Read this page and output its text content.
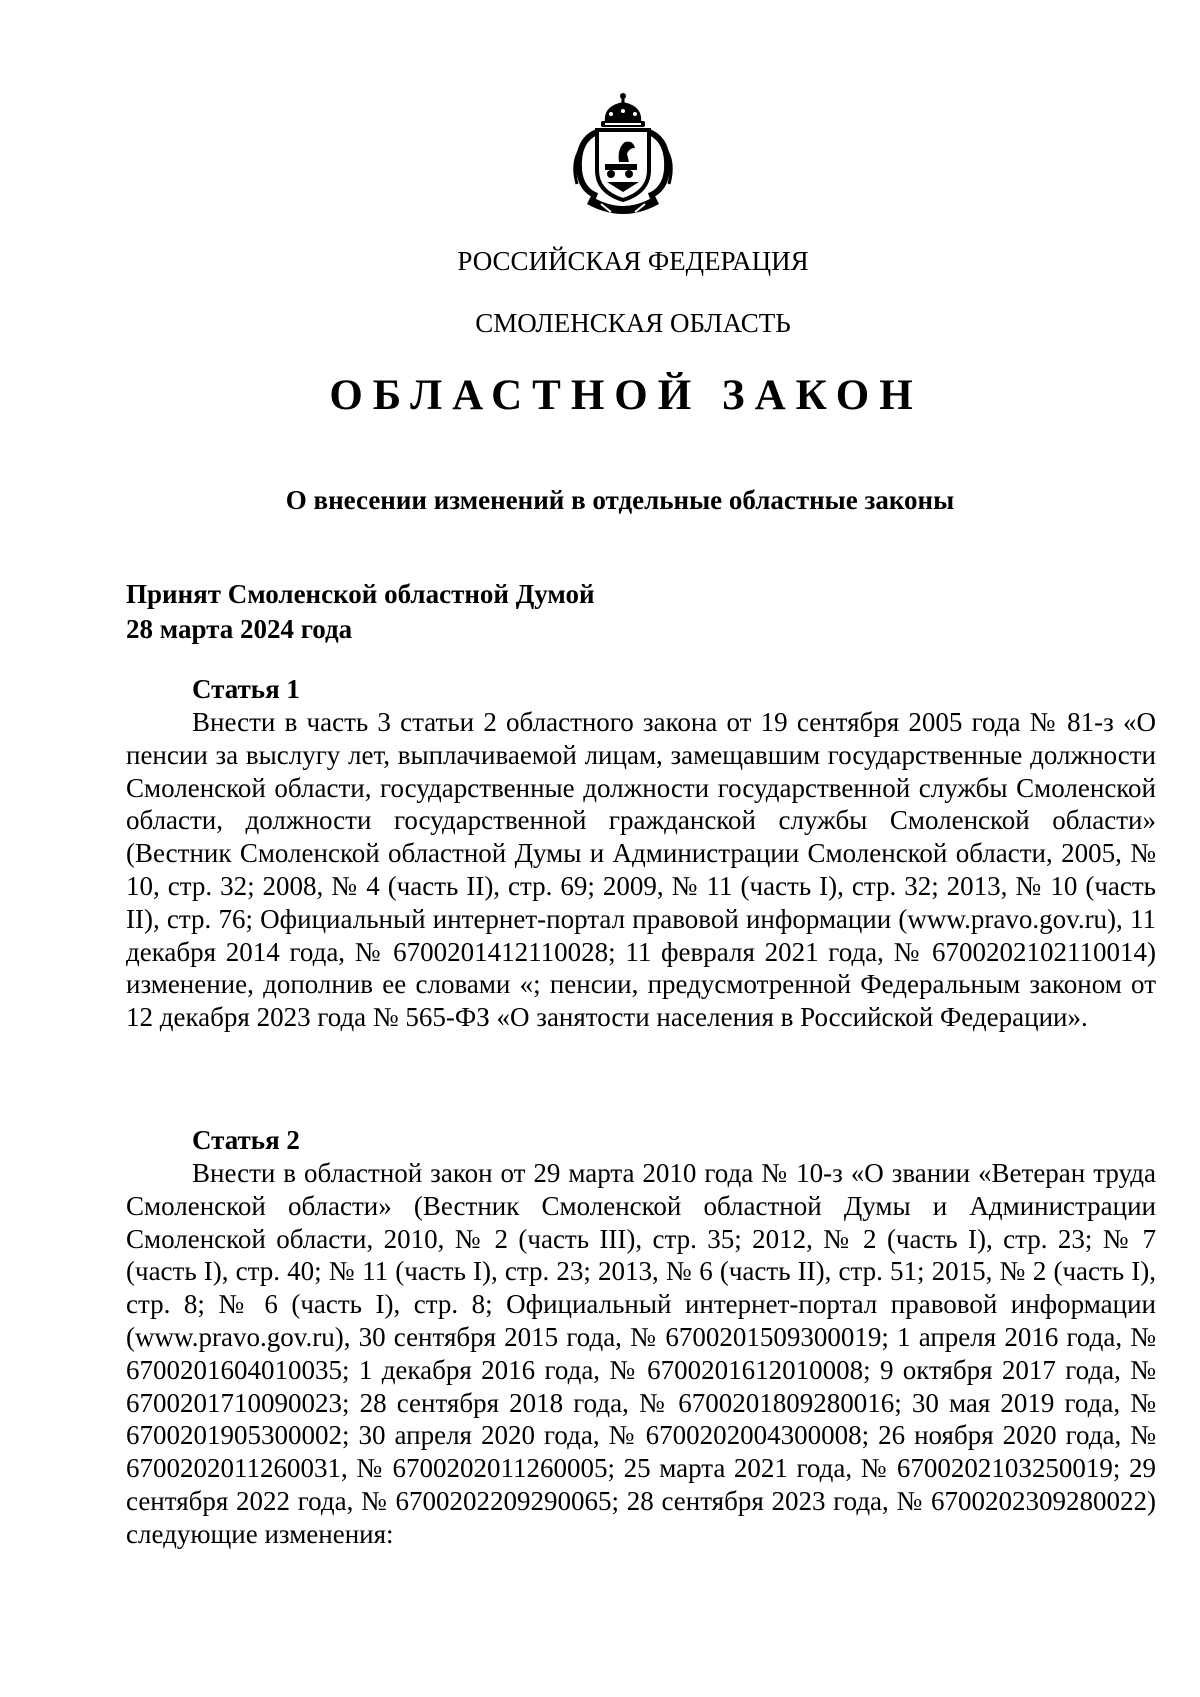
РОССИЙСКАЯ ФЕДЕРАЦИЯ
СМОЛЕНСКАЯ ОБЛАСТЬ
ОБЛАСТНОЙ ЗАКОН
О внесении изменений в отдельные областные законы
Принят Смоленской областной Думой
28 марта 2024 года
Статья 1

Внести в часть 3 статьи 2 областного закона от 19 сентября 2005 года № 81-з «О пенсии за выслугу лет, выплачиваемой лицам, замещавшим государственные должности Смоленской области, государственные должности государственной службы Смоленской области, должности государственной гражданской службы Смоленской области» (Вестник Смоленской областной Думы и Администрации Смоленской области, 2005, № 10, стр. 32; 2008, № 4 (часть II), стр. 69; 2009, № 11 (часть I), стр. 32; 2013, № 10 (часть II), стр. 76; Официальный интернет-портал правовой информации (www.pravo.gov.ru), 11 декабря 2014 года, № 6700201412110028; 11 февраля 2021 года, № 6700202102110014) изменение, дополнив ее словами «; пенсии, предусмотренной Федеральным законом от 12 декабря 2023 года № 565-ФЗ «О занятости населения в Российской Федерации».

Статья 2

Внести в областной закон от 29 марта 2010 года № 10-з «О звании «Ветеран труда Смоленской области» (Вестник Смоленской областной Думы и Администрации Смоленской области, 2010, № 2 (часть III), стр. 35; 2012, № 2 (часть I), стр. 23; № 7 (часть I), стр. 40; № 11 (часть I), стр. 23; 2013, № 6 (часть II), стр. 51; 2015, № 2 (часть I), стр. 8; № 6 (часть I), стр. 8; Официальный интернет-портал правовой информации (www.pravo.gov.ru), 30 сентября 2015 года, № 6700201509300019; 1 апреля 2016 года, № 6700201604010035; 1 декабря 2016 года, № 6700201612010008; 9 октября 2017 года, № 6700201710090023; 28 сентября 2018 года, № 6700201809280016; 30 мая 2019 года, № 6700201905300002; 30 апреля 2020 года, № 6700202004300008; 26 ноября 2020 года, № 6700202011260031, № 6700202011260005; 25 марта 2021 года, № 6700202103250019; 29 сентября 2022 года, № 6700202209290065; 28 сентября 2023 года, № 6700202309280022) следующие изменения:
